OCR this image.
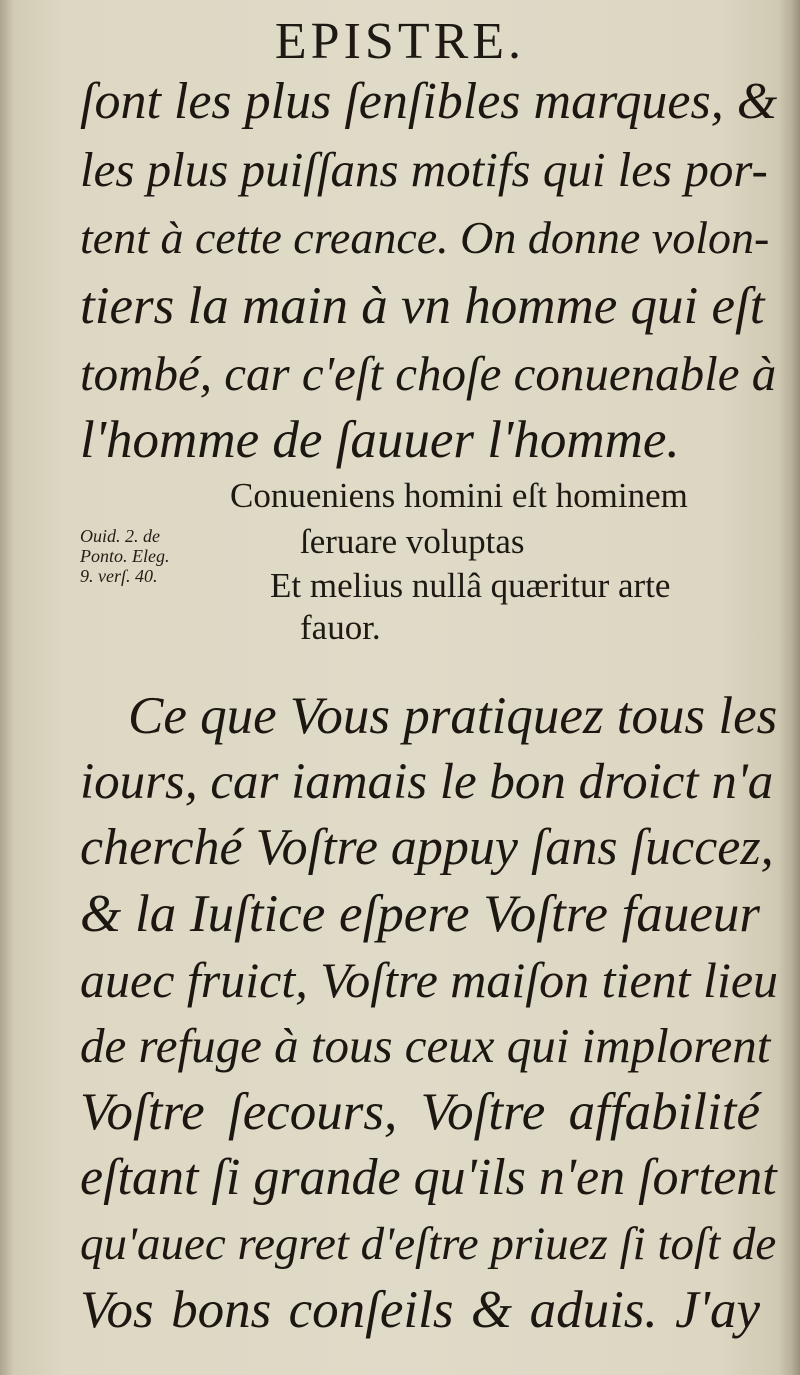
EPISTRE.
ſont les plus ſenſibles marques, &
les plus puiſſans motifs qui les por-
tent à cette creance. On donne volon-
tiers la main à vn homme qui eſt
tombé, car c'eſt choſe conuenable à
l'homme de ſauuer l'homme.
Conueniens homini eſt hominem
ſeruare voluptas
Et melius nullâ quæritur arte
fauor.
Ouid. 2. de
Ponto. Eleg.
9. verſ. 40.
Ce que Vous pratiquez tous les
iours, car iamais le bon droict n'a
cherché Voſtre appuy ſans ſuccez,
& la Iuſtice eſpere Voſtre faueur
auec fruict, Voſtre maiſon tient lieu
de refuge à tous ceux qui implorent
Voſtre ſecours, Voſtre affabilité
eſtant ſi grande qu'ils n'en ſortent
qu'auec regret d'eſtre priuez ſi toſt de
Vos bons conſeils & aduis. J'ay
